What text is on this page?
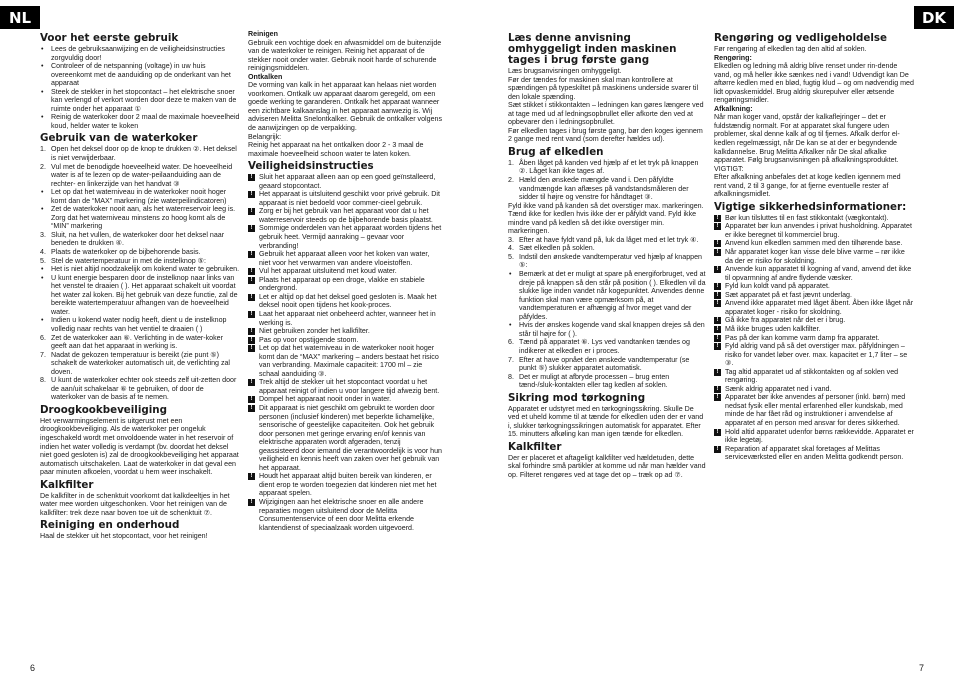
NL	DK
Voor het eerste gebruik
• Lees de gebruiksaanwijzing en de veiligheidsinstructies zorgvuldig door!
• Controleer of de netspanning (voltage) in uw huis overeenkomt met de aanduiding op de onderkant van het apparaat
• Steek de stekker in het stopcontact – het elektrische snoer kan verlengd of verkort worden door deze te maken van de ruimte onder het apparaat ①
• Reinig de waterkoker door 2 maal de maximale hoeveelheid koud, helder water te koken
Gebruik van de waterkoker
1. Open het deksel door op de knop te drukken ②. Het deksel is niet verwijderbaar.
2. Vul met de benodigde hoeveelheid water. De hoeveelheid water is af te lezen op de water-peilaanduiding aan de rechter- en linkerzijde van het handvat ③
• Let op dat het waterniveau in de waterkoker nooit hoger komt dan de “MAX” markering (zie waterpeilindicatoren)
• Zet de waterkoker nooit aan, als het waterreservoir leeg is. Zorg dat het waterniveau minstens zo hoog komt als de “MIN” markering
3. Sluit, na het vullen, de waterkoker door het deksel naar beneden te drukken ④.
4. Plaats de waterkoker op de bijbehorende basis.
5. Stel de watertemperatuur in met de instelknop ⑤:
• Het is niet altijd noodzakelijk om kokend water te gebruiken.
• U kunt energie besparen door de instelknop naar links van het venstel te draaien ( ). Het apparaat schakelt uit voordat het water zal koken. Bij het gebruik van deze functie, zal de bereikte watertemperatuur afhangen van de hoeveelheid water.
• Indien u kokend water nodig heeft, dient u de instelknop volledig naar rechts van het ventiel te draaien ( )
6. Zet de waterkoker aan ⑥. Verlichting in de water-koker geeft aan dat het apparaat in werking is.
7. Nadat de gekozen temperatuur is bereikt (zie punt ⑤) schakelt de waterkoker automatisch uit, de verlichting zal doven.
8. U kunt de waterkoker echter ook steeds zelf uit-zetten door de aan/uit schakelaar ⑥ te gebruiken, of door de waterkoker van de basis af te nemen.
Droogkookbeveiliging

Het verwarmingselement is uitgerust met een droogkookbeveiliging. Als de waterkoker per ongeluk ingeschakeld wordt met onvoldoende water in het reservoir of indien het water volledig is verdampt (bv. doordat het deksel niet goed gesloten is) zal de droogkookbeveiliging het apparaat automatisch uitschakelen. Laat de waterkoker in dat geval een paar minuten afkoelen, voordat u hem weer inschakelt.

Kalkfilter

De kalkfilter in de schenktuit voorkomt dat kalkdeeltjes in het water mee worden uitgeschonken. Voor het reinigen van de kalkfilter: trek deze naar boven toe uit de schenktuit ⑦.

Reiniging en onderhoud

Haal de stekker uit het stopcontact, voor het reinigen!

Reinigen

Gebruik een vochtige doek en afwasmiddel om de buitenzijde van de waterkoker te reinigen. Reinig het apparaat of de stekker nooit onder water. Gebruik nooit harde of schurende reinigingsmiddelen.

Ontkalken

De vorming van kalk in het apparaat kan helaas niet worden voorkomen. Ontkalk uw apparaat daarom geregeld, om een goede werking te garanderen. Ontkalk het apparaat wanneer een zichtbare kalkaanslag in het apparaat aanwezig is. Wij adviseren Melitta Snelontkalker. Gebruik de ontkalker volgens de aanwijzingen op de verpakking.

Belangrijk:

Reinig het apparaat na het ontkalken door 2 - 3 maal de maximale hoeveelheid schoon water te laten koken.

Veiligheidsinstructies
! Sluit het apparaat alleen aan op een goed geïnstalleerd, geaard stopcontact.
! Het apparaat is uitsluitend geschikt voor privé gebruik. Dit apparaat is niet bedoeld voor commer-cieel gebruik.
! Zorg er bij het gebruik van het apparaat voor dat u het waterreservoir steeds op de bijbehorende basis plaatst.
! Sommige onderdelen van het apparaat worden tijdens het gebruik heet. Vermijd aanraking – gevaar voor verbranding!
! Gebruik het apparaat alleen voor het koken van water, niet voor het verwarmen van andere vloeistoffen.
! Vul het apparaat uitsluitend met koud water.
! Plaats het apparaat op een droge, vlakke en stabiele ondergrond.
! Let er altijd op dat het deksel goed gesloten is. Maak het deksel nooit open tijdens het kook-proces.
! Laat het apparaat niet onbeheerd achter, wanneer het in werking is.
! Niet gebruiken zonder het kalkfilter.
! Pas op voor opstijgende stoom.
! Let op dat het waterniveau in de waterkoker nooit hoger komt dan de “MAX” markering – anders bestaat het risico van verbranding. Maximale capaciteit: 1700 ml – zie schaal aanduiding ③.
! Trek altijd de stekker uit het stopcontact voordat u het apparaat reinigt of indien u voor langere tijd afwezig bent.
! Dompel het apparaat nooit onder in water.
! Dit apparaat is niet geschikt om gebruikt te worden door personen (inclusief kinderen) met beperkte lichamelijke, sensorische of geestelijke capaciteiten. Ook het gebruik door personen met geringe ervaring en/of kennis van elektrische apparaten wordt afgeraden, tenzij geassisteerd door iemand die verantwoordelijk is voor hun veiligheid en kennis heeft van zaken over het gebruik van het apparaat.
! Houdt het apparaat altijd buiten bereik van kinderen, er dient erop te worden toegezien dat kinderen niet met het apparaat spelen.
! Wijzigingen aan het elektrische snoer en alle andere reparaties mogen uitsluitend door de Melitta Consumentenservice of een door Melitta erkende klantendienst of speciaalzaak worden uitgevoerd.
Læs denne anvisning omhyggeligt inden maskinen tages i brug første gang

Læs brugsanvisningen omhyggeligt.

Før der tændes for maskinen skal man kontrollere at spændingen på typeskiltet på maskinens underside svarer til den lokale spænding.

Sæt stikket i stikkontakten – ledningen kan gøres længere ved at tage med ud af ledningsopbrullet eller afkorte den ved at opbevarer den i ledningsopbrullet.

Før elkedlen tages i brug første gang, bør den koges igennem 2 gange med rent vand (som derefter hældes ud).

Brug af elkedlen
1. Åben låget på kanden ved hjælp af et let tryk på knappen ②. Låget kan ikke tages af.
2. Hæld den ønskede mængde vand i. Den påfyldte vandmængde kan aflæses på vandstandsmåleren der sidder til højre og venstre for håndtaget ③.

Fyld ikke vand på kanden så det overstiger max. markeringen.

Tænd ikke for kedlen hvis ikke der er påfyldt vand. Fyld ikke mindre vand på kedlen så det ikke overstiger min. markeringen.

3. Efter at have fyldt vand på, luk da låget med et let tryk ④.
4. Sæt elkedlen på soklen.
5. Indstil den ønskede vandtemperatur ved hjælp af knappen ⑤:
• Bemærk at det er muligt at spare på energiforbruget, ved at dreje på knappen så den står på position ( ). Elkedlen vil da slukke lige inden vandet når kogepunktet. Anvendes denne funktion skal man være opmærksom på, at vandtemperaturen er afhængig af hvor meget vand der påfyldes.
• Hvis der ønskes kogende vand skal knappen drejes så den står til højre for ( ).
6. Tænd på apparatet ⑥. Lys ved vandtanken tændes og indikerer at elkedlen er i proces.
7. Efter at have opnået den ønskede vandtemperatur (se punkt ⑤) slukker apparatet automatisk.
8. Det er muligt at afbryde processen – brug enten tænd-/sluk-kontakten eller tag kedlen af soklen.
Sikring mod tørkogning

Apparatet er udstyret med en tørkogningssikring. Skulle De ved et uheld komme til at tænde for elkedlen uden der er vand i, slukker tørkogningssikringen automatisk for apparatet. Efter 15. minutters afkøling kan man igen tænde for elkedlen.

Kalkfilter

Der er placeret et aftageligt kalkfilter ved hældetuden, dette skal forhindre små partikler at komme ud når man hælder vand op. Filteret rengøres ved at tage det op – træk op ad ⑦.

Rengøring og vedligeholdelse

Før rengøring af elkedlen tag den altid af soklen.

Rengøring:

Elkedlen og ledning må aldrig blive renset under rin-dende vand, og må heller ikke sænkes ned i vand! Udvendigt kan De aftørre kedlen med en blød, fugtig klud – og om nødvendig med lidt opvaskemiddel. Brug aldrig skurepulver eller ætsende rengøringsmidler.

Afkalkning:

Når man koger vand, opstår der kalkaflejringer – det er fuldstændig normalt. For at apparatet skal fungere uden problemer, skal denne kalk af og til fjernes. Afkalk derfor el-kedlen regelmæssigt, når De kan se at der er begyndende kalkdannelse. Brug Melitta Afkalker når De skal afkalke apparatet. Følg brugsanvisningen på afkalkningsproduktet.

VIGTIGT:

Efter afkalkning anbefales det at koge kedlen igennem med rent vand, 2 til 3 gange, for at fjerne eventuelle rester af afkalkningsmidlet.

Vigtige sikkerhedsinformationer:
! Bør kun tilsluttes til en fast stikkontakt (vægkontakt).
! Apparatet bør kun anvendes i privat husholdning. Apparatet er ikke beregnet til kommerciel brug.
! Anvend kun elkedlen sammen med den tilhørende base.
! Når apparatet koger kan visse dele blive varme – rør ikke da der er risiko for skoldning.
! Anvende kun apparatet til kogning af vand, anvend det ikke til opvarmning af andre flydende væsker.
! Fyld kun koldt vand på apparatet.
! Sæt apparatet på et fast jævnt underlag.
! Anvend ikke apparatet med låget åbent. Åben ikke låget når apparatet koger - risiko for skoldning.
! Gå ikke fra apparatet når det er i brug.
! Må ikke bruges uden kalkfilter.
! Pas på der kan komme varm damp fra apparatet.
! Fyld aldrig vand på så det overstiger max. påfyldningen – risiko for vandet løber over. max. kapacitet er 1,7 liter – se ③.
! Tag altid apparatet ud af stikkontakten og af soklen ved rengøring.
! Sænk aldrig apparatet ned i vand.
! Apparatet bør ikke anvendes af personer (inkl. børn) med nedsat fysik eller mental erfarenhed eller kundskab, med minde de har fået råd og instruktioner i anvendelse af apparatet af en person med ansvar for deres sikkerhed.
! Hold altid apparatet udenfor børns rækkevidde. Apparatet er ikke legetøj.
! Reparation af apparatet skal foretages af Melittas serviceværksted eller en anden Melitta godkendt person.
6	7
